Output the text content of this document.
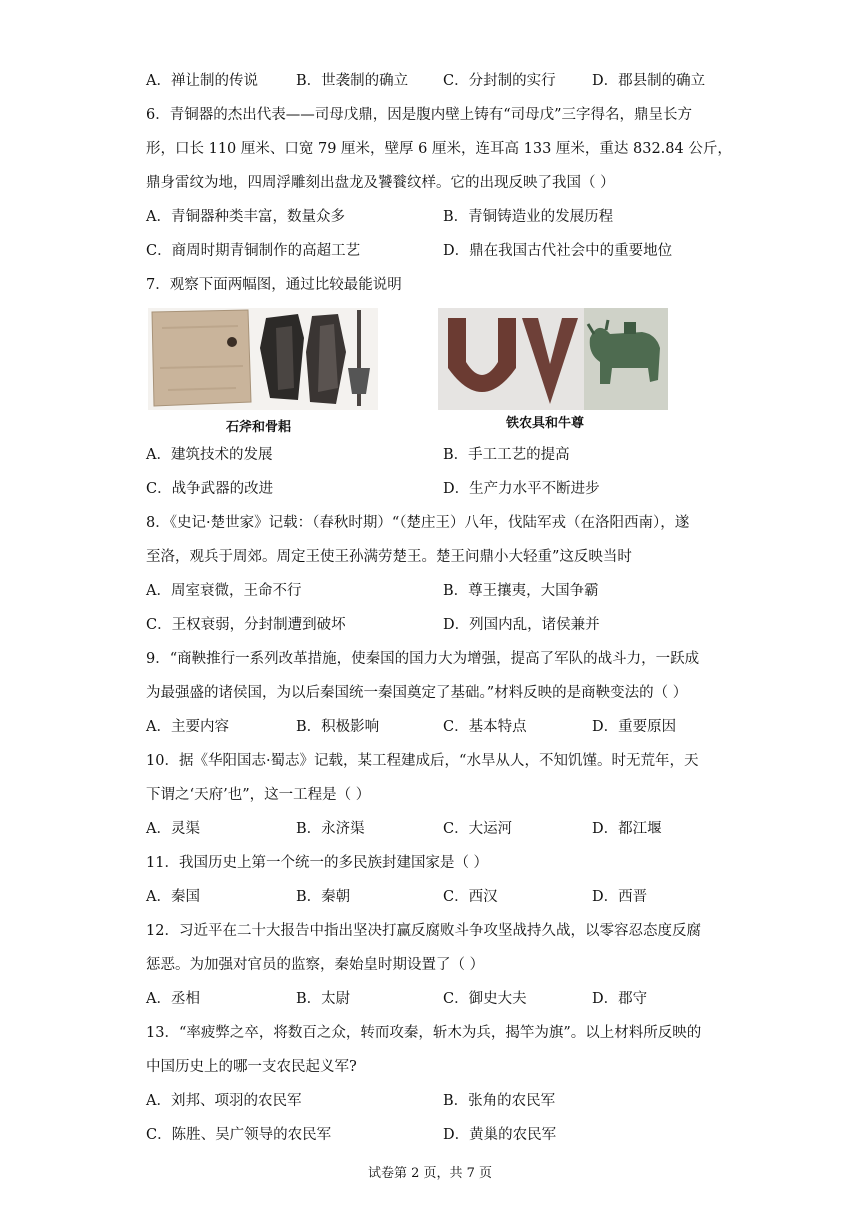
A．禅让制的传说	B．世袭制的确立 C．分封制的实行	D．郡县制的确立
6．青铜器的杰出代表——司母戊鼎，因是腹内壁上铸有“司母戊”三字得名，鼎呈长方
形，口长 110 厘米、口宽 79 厘米，壁厚 6 厘米，连耳高 133 厘米，重达 832.84 公斤，
鼎身雷纹为地，四周浮雕刻出盘龙及饕餮纹样。它的出现反映了我国（ ）
A．青铜器种类丰富，数量众多	B．青铜铸造业的发展历程
C．商周时期青铜制作的高超工艺	D．鼎在我国古代社会中的重要地位
7．观察下面两幅图，通过比较最能说明
石斧和骨耜	铁农具和牛尊
A．建筑技术的发展	B．手工工艺的提高
C．战争武器的改进	D．生产力水平不断进步
8．《史记·楚世家》记载：（春秋时期）“（楚庄王）八年，伐陆军戎（在洛阳西南），遂
至洛，观兵于周郊。周定王使王孙满劳楚王。楚王问鼎小大轻重”这反映当时
A．周室衰微，王命不行	B．尊王攘夷，大国争霸
C．王权衰弱，分封制遭到破坏	D．列国内乱，诸侯兼并
9．“商鞅推行一系列改革措施，使秦国的国力大为增强，提高了军队的战斗力，一跃成
为最强盛的诸侯国，为以后秦国统一秦国奠定了基础。”材料反映的是商鞅变法的（ ）
A．主要内容	B．积极影响	C．基本特点	D．重要原因
10．据《华阳国志·蜀志》记载，某工程建成后，“水旱从人，不知饥馑。时无荒年，天
下谓之‘天府’也”，这一工程是（ ）
A．灵渠	B．永济渠	C．大运河	D．都江堰
11．我国历史上第一个统一的多民族封建国家是（ ）
A．秦国	B．秦朝	C．西汉	D．西晋
12．习近平在二十大报告中指出坚决打赢反腐败斗争攻坚战持久战，以零容忍态度反腐
惩恶。为加强对官员的监察，秦始皇时期设置了（ ）
A．丞相	B．太尉	C．御史大夫	D．郡守
13．“率疲弊之卒，将数百之众，转而攻秦，斩木为兵，揭竿为旗”。以上材料所反映的
中国历史上的哪一支农民起义军?
A．刘邦、项羽的农民军	B．张角的农民军
C．陈胜、吴广领导的农民军	D．黄巢的农民军
试卷第 2 页，共 7 页
